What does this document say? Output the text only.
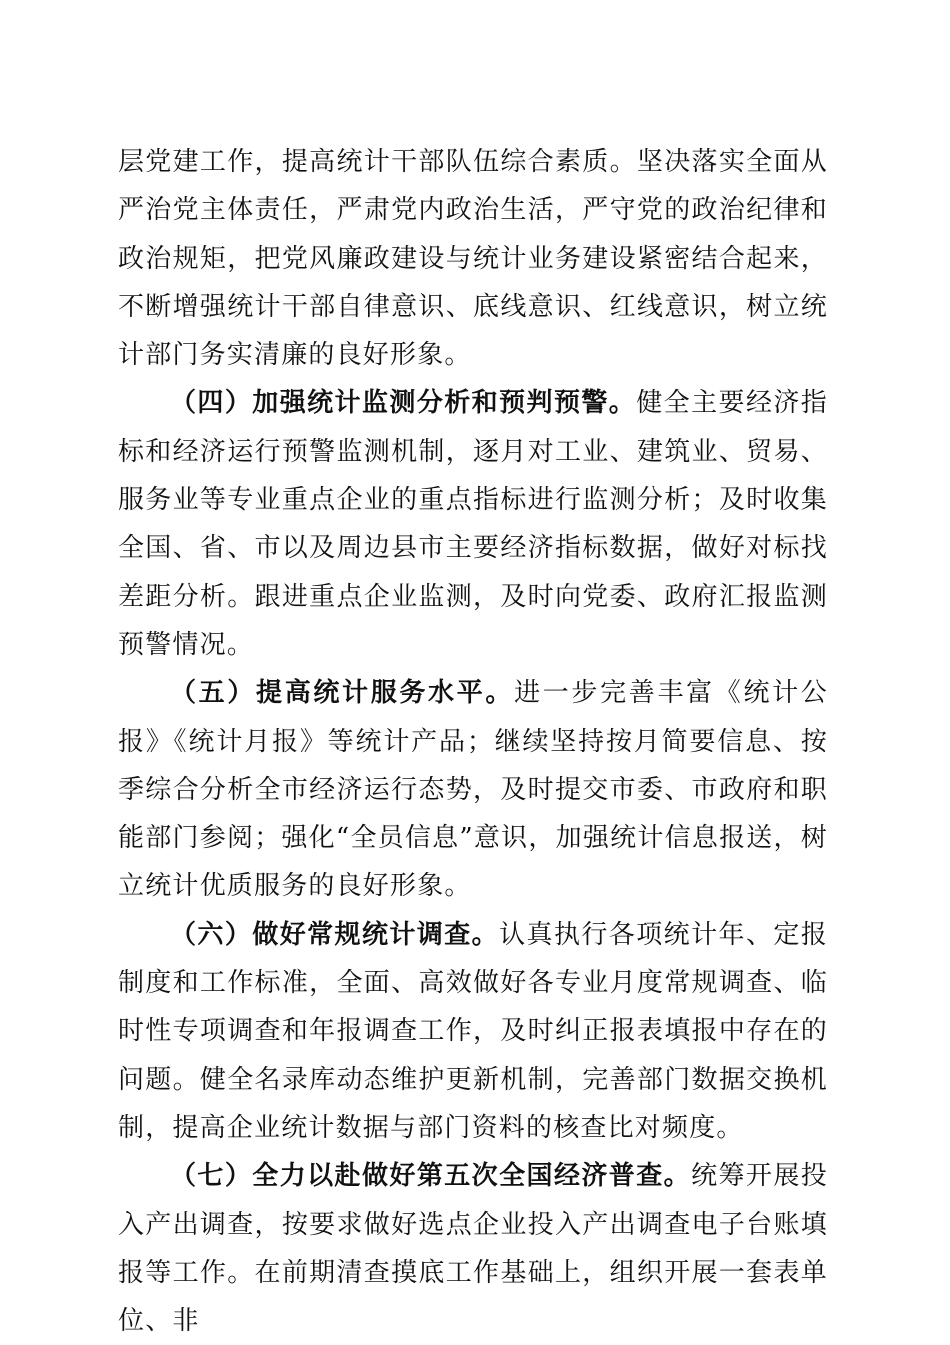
层党建工作，提高统计干部队伍综合素质。坚决落实全面从严治党主体责任，严肃党内政治生活，严守党的政治纪律和政治规矩，把党风廉政建设与统计业务建设紧密结合起来，不断增强统计干部自律意识、底线意识、红线意识，树立统计部门务实清廉的良好形象。

（四）加强统计监测分析和预判预警。健全主要经济指标和经济运行预警监测机制，逐月对工业、建筑业、贸易、服务业等专业重点企业的重点指标进行监测分析；及时收集全国、省、市以及周边县市主要经济指标数据，做好对标找差距分析。跟进重点企业监测，及时向党委、政府汇报监测预警情况。

（五）提高统计服务水平。进一步完善丰富《统计公报》《统计月报》等统计产品；继续坚持按月简要信息、按季综合分析全市经济运行态势，及时提交市委、市政府和职能部门参阅；强化“全员信息”意识，加强统计信息报送，树立统计优质服务的良好形象。

（六）做好常规统计调查。认真执行各项统计年、定报制度和工作标准，全面、高效做好各专业月度常规调查、临时性专项调查和年报调查工作，及时纠正报表填报中存在的问题。健全名录库动态维护更新机制，完善部门数据交换机制，提高企业统计数据与部门资料的核查比对频度。

（七）全力以赴做好第五次全国经济普查。统筹开展投入产出调查，按要求做好选点企业投入产出调查电子台账填报等工作。在前期清查摸底工作基础上，组织开展一套表单位、非
